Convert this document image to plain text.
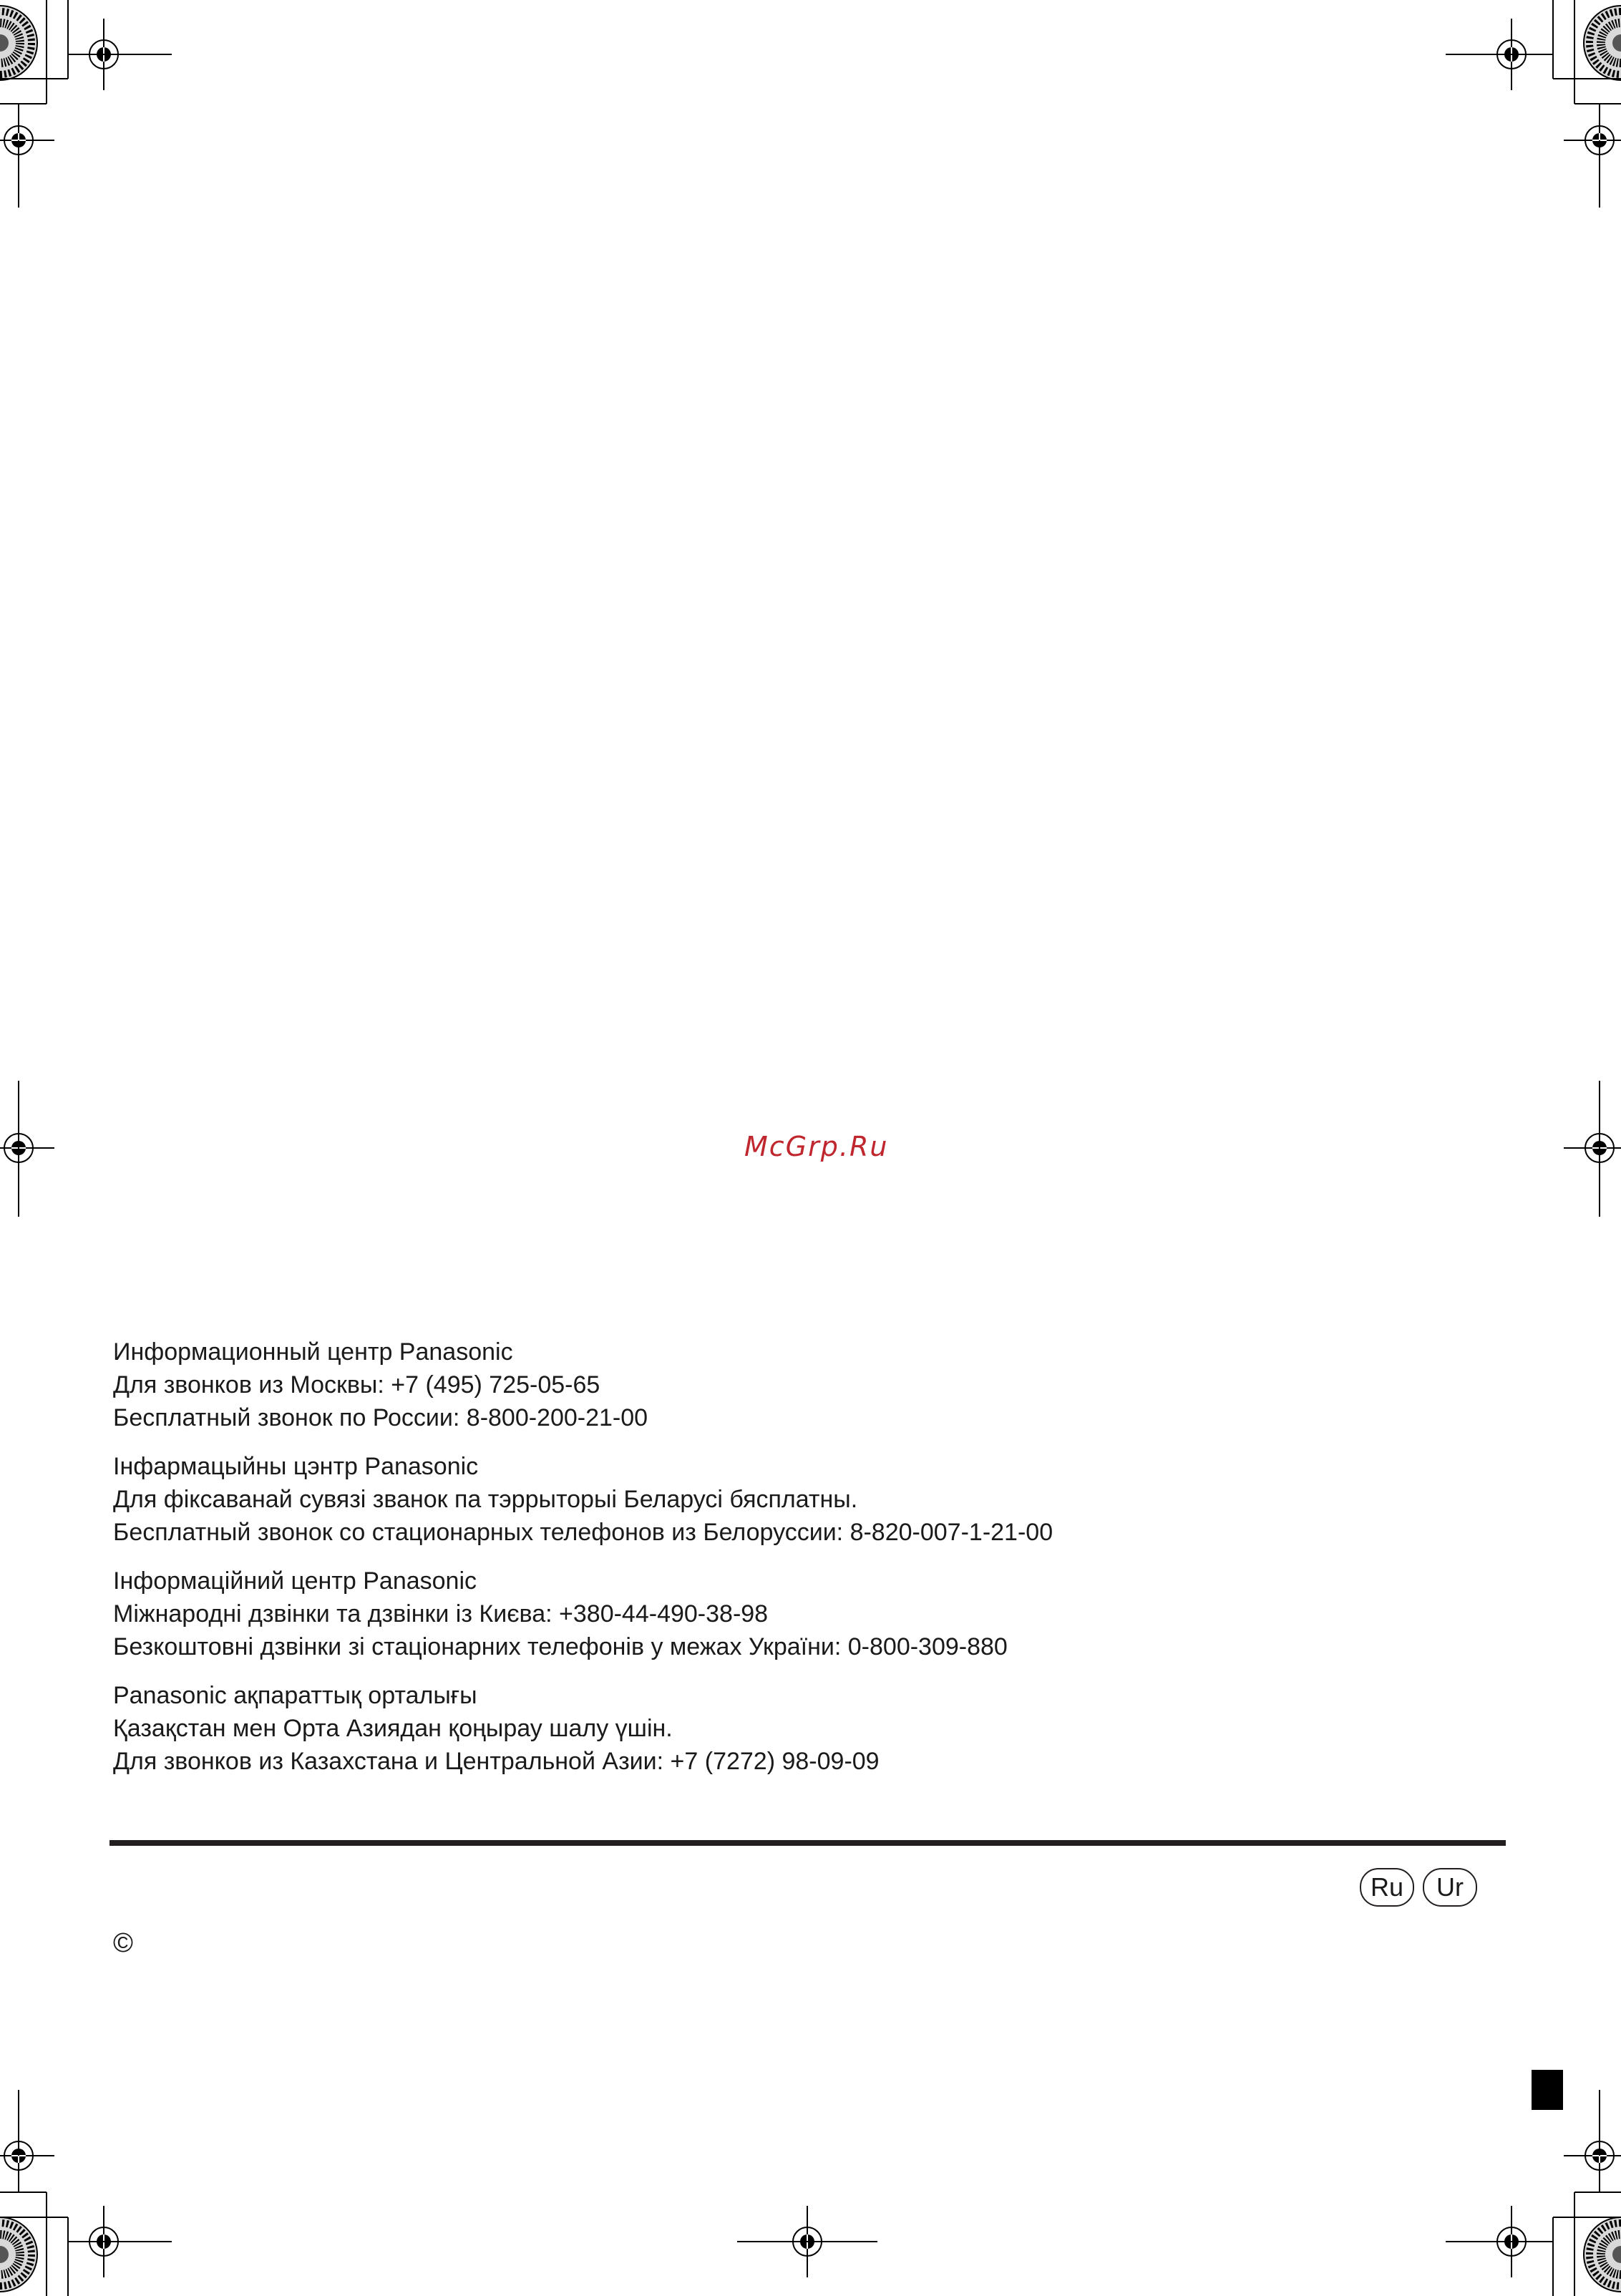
McGrp.Ru
Информационный центр Panasonic
Для звонков из Москвы: +7 (495) 725-05-65
Бесплатный звонок по России: 8-800-200-21-00
Iнфармацыйны цэнтр Panasonic
Для фiксаванай сувязi званок па тэррыторыi Беларусi бясплатны.
Бесплатный звонок со стационарных телефонов из Белоруссии: 8-820-007-1-21-00
Інформаційний центр Panasonic
Міжнародні дзвінки та дзвінки із Києва: +380-44-490-38-98
Безкоштовні дзвінки зі стаціонарних телефонів у межах України: 0-800-309-880
Panasonic ақпараттық орталығы
Қазақстан мен Орта Азиядан қоңырау шалу үшін.
Для звонков из Казахстана и Центральной Азии: +7 (7272) 98-09-09
Ru	Ur
©
